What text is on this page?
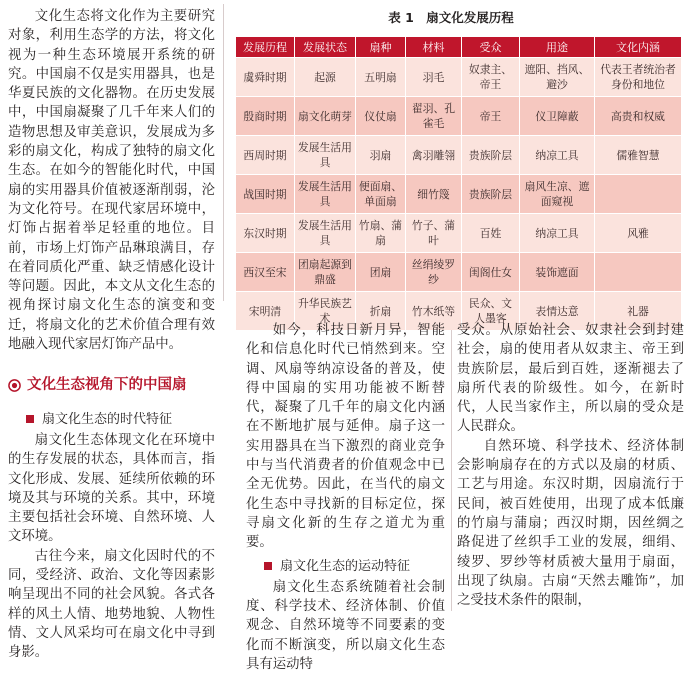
文化生态将文化作为主要研究对象，利用生态学的方法，将文化视为一种生态环境展开系统的研究。中国扇不仅是实用器具，也是华夏民族的文化器物。在历史发展中，中国扇凝聚了几千年来人们的造物思想及审美意识，发展成为多彩的扇文化，构成了独特的扇文化生态。在如今的智能化时代，中国扇的实用器具价值被逐渐削弱，沦为文化符号。在现代家居环境中，灯饰占据着举足轻重的地位。目前，市场上灯饰产品琳琅满目，存在着同质化严重、缺乏情感化设计等问题。因此，本文从文化生态的视角探讨扇文化生态的演变和变迁，将扇文化的艺术价值合理有效地融入现代家居灯饰产品中。

文化生态视角下的中国扇
扇文化生态的时代特征

扇文化生态体现文化在环境中的生存发展的状态，具体而言，指文化形成、发展、延续所依赖的环境及其与环境的关系。其中，环境主要包括社会环境、自然环境、人文环境。

古往今来，扇文化因时代的不同，受经济、政治、文化等因素影响呈现出不同的社会风貌。各式各样的风土人情、地势地貌、人物性情、文人风采均可在扇文化中寻到身影。

表 1　扇文化发展历程
发展历程	发展状态	扇种	材料	受众	用途	文化内涵
虞舜时期	起源	五明扇	羽毛	奴隶主、帝王	遮阳、挡风、避沙	代表王者统治者身份和地位
殷商时期	扇文化萌芽	仪仗扇	翟羽、孔雀毛	帝王	仪卫障蔽	高贵和权威
西周时期	发展生活用具	羽扇	禽羽雕翎	贵族阶层	纳凉工具	儒雅智慧
战国时期	发展生活用具	便面扇、单面扇	细竹篾	贵族阶层	扇风生凉、遮面窥视	
东汉时期	发展生活用具	竹扇、蒲扇	竹子、蒲叶	百姓	纳凉工具	风雅
西汉至宋	团扇起源到鼎盛	团扇	丝绢绫罗纱	闺阁仕女	装饰遮面	
宋明清	升华民族艺术	折扇	竹木纸等	民众、文人墨客	表情达意	礼器

如今，科技日新月异，智能化和信息化时代已悄然到来。空调、风扇等纳凉设备的普及，使得中国扇的实用功能被不断替代，凝聚了几千年的扇文化内涵在不断地扩展与延伸。扇子这一实用器具在当下激烈的商业竞争中与当代消费者的价值观念中已全无优势。因此，在当代的扇文化生态中寻找新的目标定位，探寻扇文化新的生存之道尤为重要。

扇文化生态的运动特征

扇文化生态系统随着社会制度、科学技术、经济体制、价值观念、自然环境等不同要素的变化而不断演变，所以扇文化生态具有运动特

受众。从原始社会、奴隶社会到封建社会，扇的使用者从奴隶主、帝王到贵族阶层，最后到百姓，逐渐褪去了扇所代表的阶级性。如今，在新时代，人民当家作主，所以扇的受众是人民群众。

自然环境、科学技术、经济体制会影响扇存在的方式以及扇的材质、工艺与用途。东汉时期，因扇流行于民间，被百姓使用，出现了成本低廉的竹扇与蒲扇；西汉时期，因丝绸之路促进了丝织手工业的发展，细绢、绫罗、罗纱等材质被大量用于扇面，出现了纨扇。古扇“天然去雕饰”，加之受技术条件的限制，
